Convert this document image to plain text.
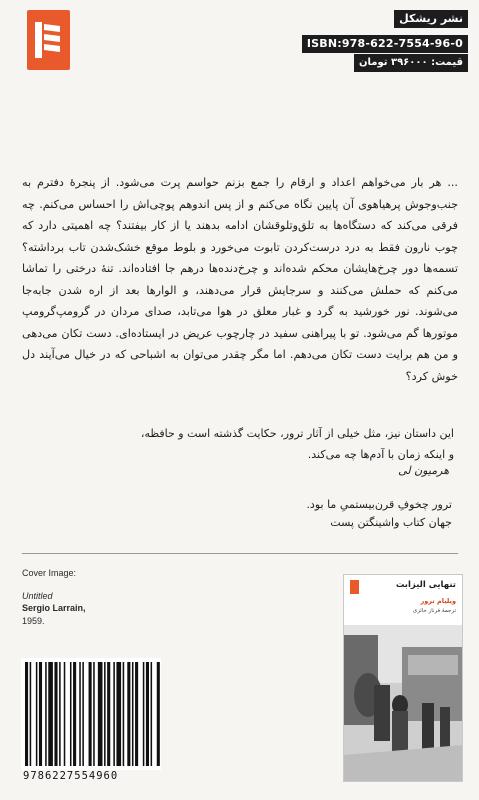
نشر ریشکل
ISBN:978-622-7554-96-0
قیمت: ۳۹۶۰۰۰ تومان

... هر بار می‌خواهم اعداد و ارقام را جمع بزنم حواسم پرت می‌شود. از پنجرهٔ دفترم به جنب‌وجوش پرهیاهوی آن پایین نگاه می‌کنم و از پس اندوهم پوچی‌اش را احساس می‌کنم. چه فرقی می‌کند که دستگاه‌ها به تلق‌وتلوقشان ادامه بدهند یا از کار بیفتند؟ چه اهمیتی دارد که چوب نارون فقط به درد درست‌کردن تابوت می‌خورد و بلوط موقع خشک‌شدن تاب برداشته؟ تسمه‌ها دور چرخ‌هایشان محکم شده‌اند و چرخ‌دنده‌ها درهم جا افتاده‌اند. تنهٔ درختی را تماشا می‌کنم که حملش می‌کنند و سرجایش قرار می‌دهند، و الوارها بعد از اره شدن جابه‌جا می‌شوند. نور خورشید به گرد و غبار معلق در هوا می‌تابد، صدای مردان در گرومپ‌گرومپ موتورها گم می‌شود. تو با پیراهنی سفید در چارچوب عریض در ایستاده‌ای. دست تکان می‌دهی و من هم برایت دست تکان می‌دهم. اما مگر چقدر می‌توان به اشباحی که در خیال می‌آیند دل خوش کرد؟

این داستان نیز، مثل خیلی از آثار ترور، حکایت گذشته است و حافظه،
و اینکه زمان با آدم‌ها چه می‌کند.
هرمیون لی
ترور چخوفِ قرن‌بیستمیِ ما بود.
جهان کتاب واشینگتن پست
Cover Image:
Untitled
Sergio Larrain,
1959.
9786227554960
تنهایی الیزابت
ویلیام ترور
ترجمهٔ فرناز حائری
